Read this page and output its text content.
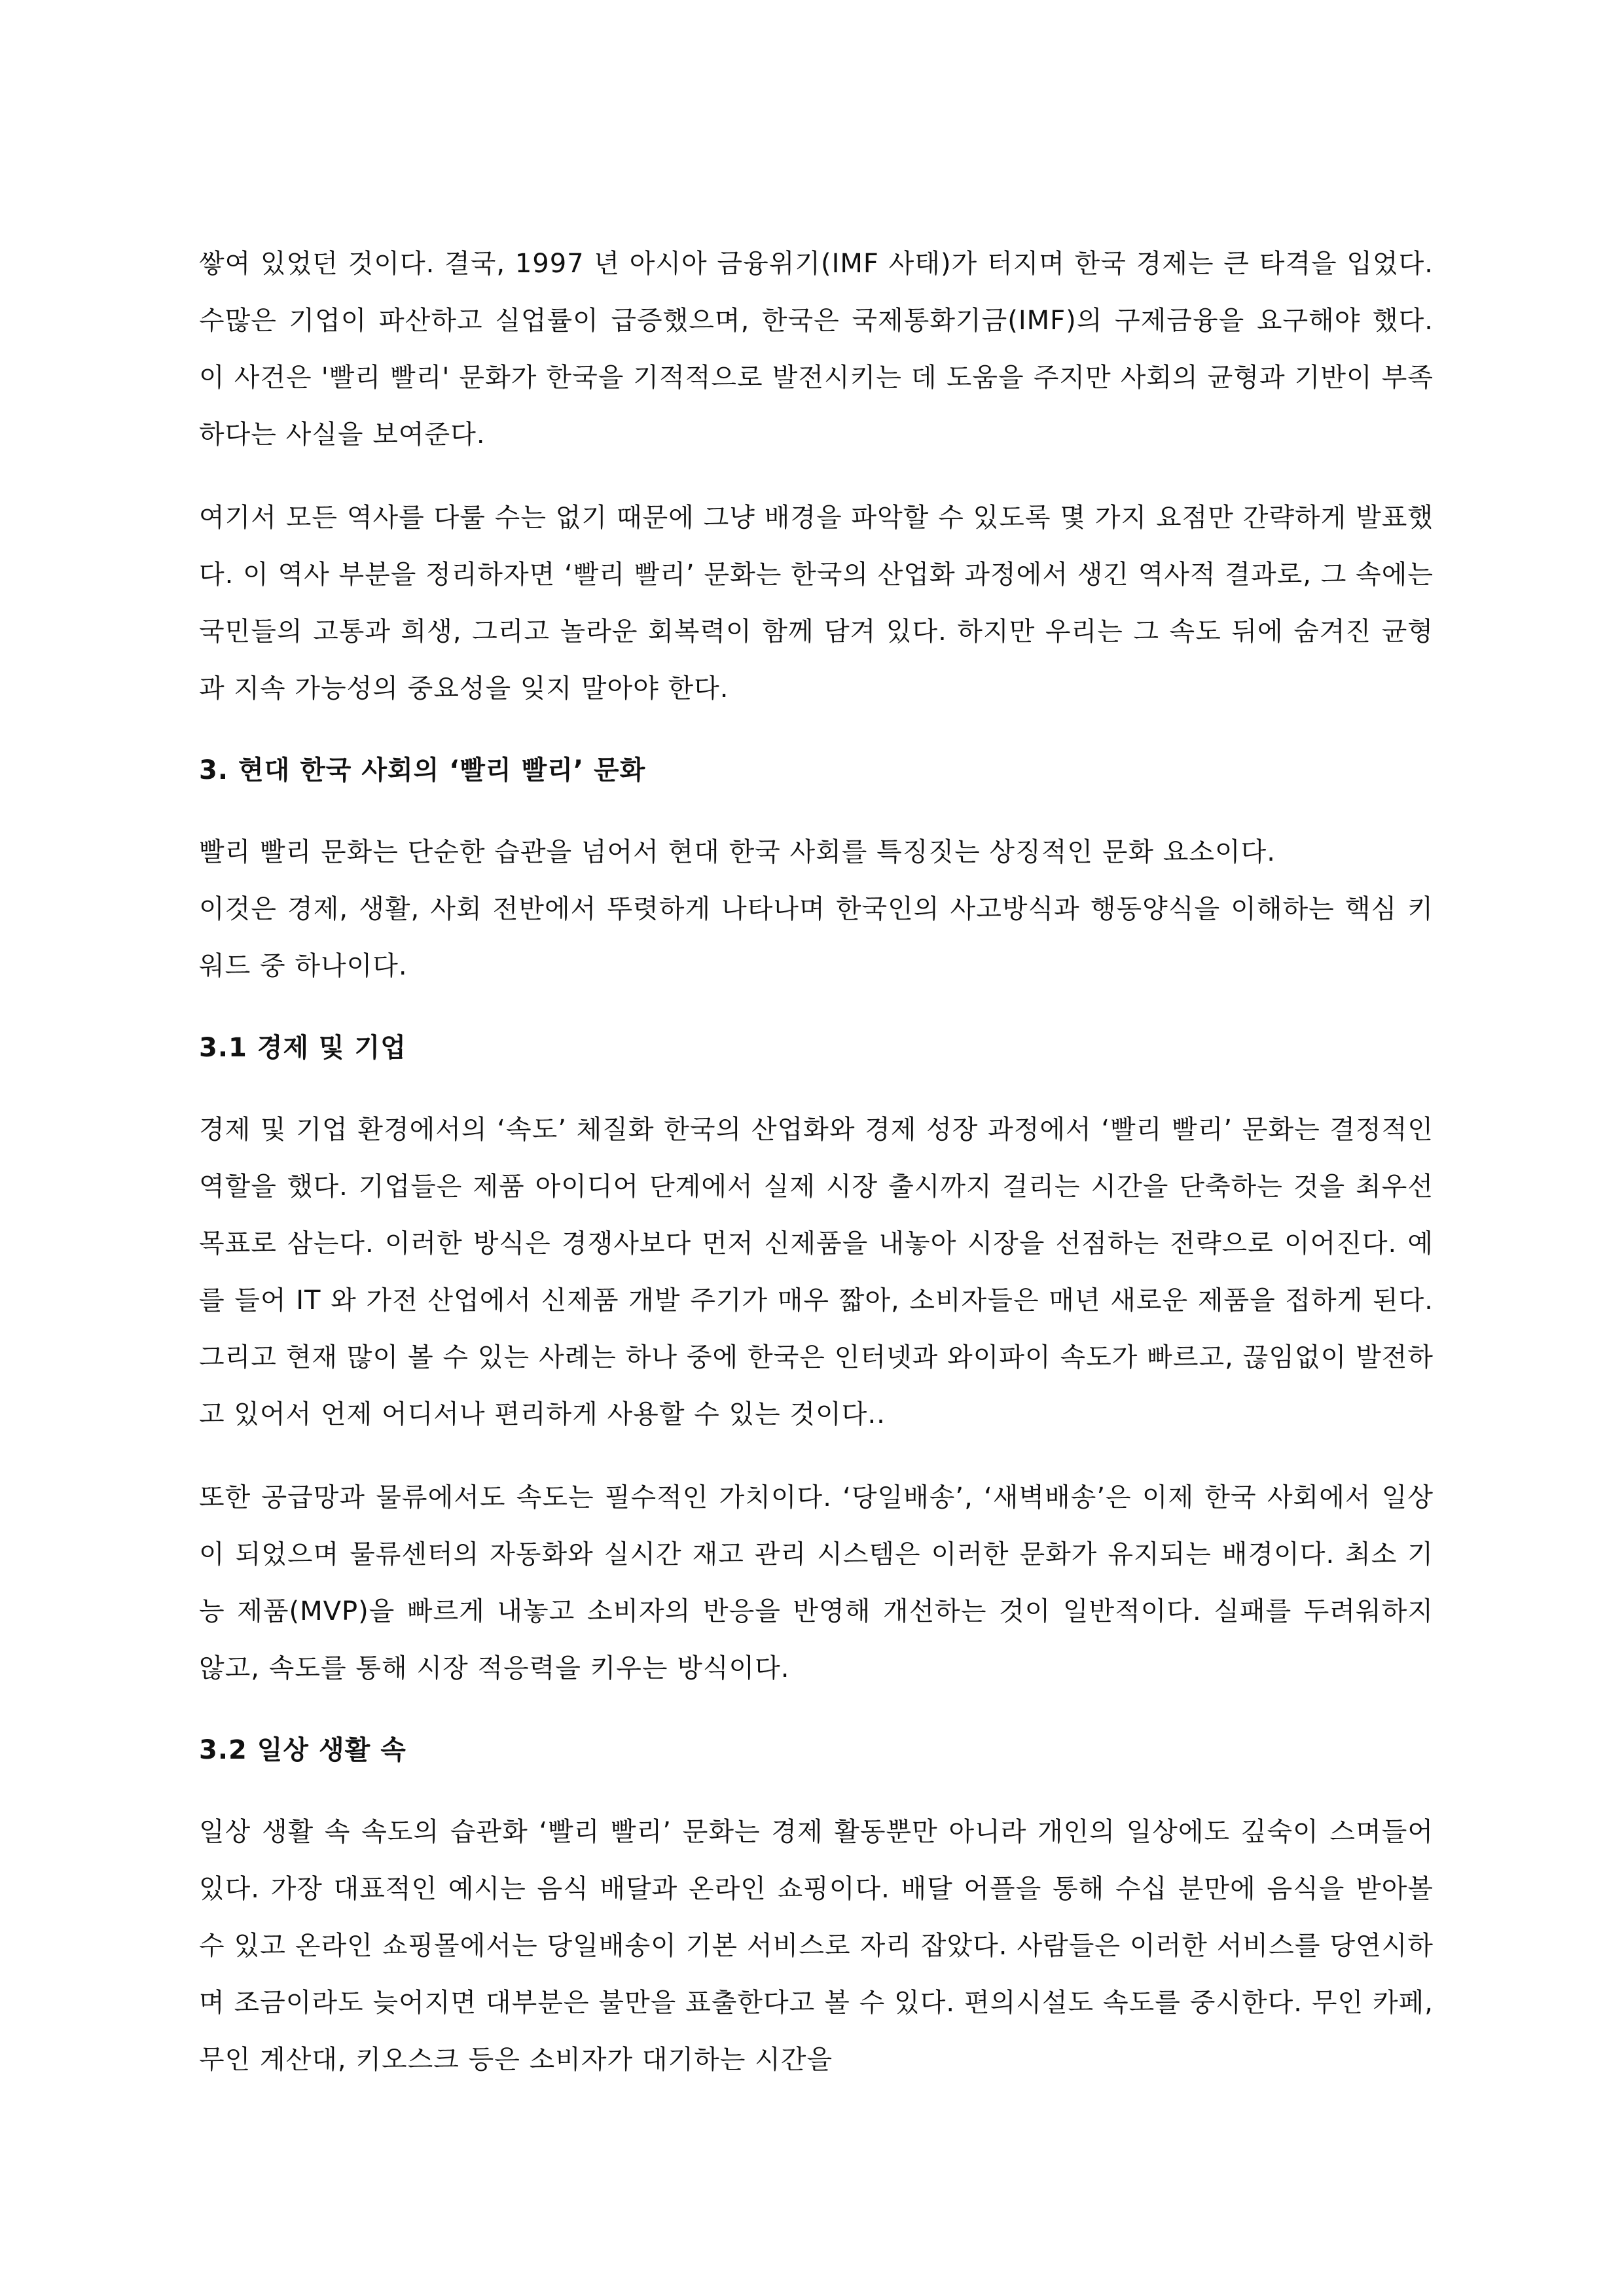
쌓여 있었던 것이다. 결국, 1997 년 아시아 금융위기(IMF 사태)가 터지며 한국 경제는 큰 타격을 입었다. 수많은 기업이 파산하고 실업률이 급증했으며, 한국은 국제통화기금(IMF)의 구제금융을 요구해야 했다. 이 사건은 '빨리 빨리' 문화가 한국을 기적적으로 발전시키는 데 도움을 주지만 사회의 균형과 기반이 부족하다는 사실을 보여준다.

여기서 모든 역사를 다룰 수는 없기 때문에 그냥 배경을 파악할 수 있도록 몇 가지 요점만 간략하게 발표했다. 이 역사 부분을 정리하자면 ‘빨리 빨리’ 문화는 한국의 산업화 과정에서 생긴 역사적 결과로, 그 속에는 국민들의 고통과 희생, 그리고 놀라운 회복력이 함께 담겨 있다. 하지만 우리는 그 속도 뒤에 숨겨진 균형과 지속 가능성의 중요성을 잊지 말아야 한다.

3. 현대 한국 사회의 ‘빨리 빨리’ 문화

빨리 빨리 문화는 단순한 습관을 넘어서 현대 한국 사회를 특징짓는 상징적인 문화 요소이다.
이것은 경제, 생활, 사회 전반에서 뚜렷하게 나타나며 한국인의 사고방식과 행동양식을 이해하는 핵심 키워드 중 하나이다.

3.1 경제 및 기업

경제 및 기업 환경에서의 ‘속도’ 체질화 한국의 산업화와 경제 성장 과정에서 ‘빨리 빨리’ 문화는 결정적인 역할을 했다. 기업들은 제품 아이디어 단계에서 실제 시장 출시까지 걸리는 시간을 단축하는 것을 최우선 목표로 삼는다. 이러한 방식은 경쟁사보다 먼저 신제품을 내놓아 시장을 선점하는 전략으로 이어진다. 예를 들어 IT 와 가전 산업에서 신제품 개발 주기가 매우 짧아, 소비자들은 매년 새로운 제품을 접하게 된다. 그리고 현재 많이 볼 수 있는 사례는 하나 중에 한국은 인터넷과 와이파이 속도가 빠르고, 끊임없이 발전하고 있어서 언제 어디서나 편리하게 사용할 수 있는 것이다..

또한 공급망과 물류에서도 속도는 필수적인 가치이다. ‘당일배송’, ‘새벽배송’은 이제 한국 사회에서 일상이 되었으며 물류센터의 자동화와 실시간 재고 관리 시스템은 이러한 문화가 유지되는 배경이다. 최소 기능 제품(MVP)을 빠르게 내놓고 소비자의 반응을 반영해 개선하는 것이 일반적이다. 실패를 두려워하지 않고, 속도를 통해 시장 적응력을 키우는 방식이다.

3.2 일상 생활 속

일상 생활 속 속도의 습관화 ‘빨리 빨리’ 문화는 경제 활동뿐만 아니라 개인의 일상에도 깊숙이 스며들어 있다. 가장 대표적인 예시는 음식 배달과 온라인 쇼핑이다. 배달 어플을 통해 수십 분만에 음식을 받아볼 수 있고 온라인 쇼핑몰에서는 당일배송이 기본 서비스로 자리 잡았다. 사람들은 이러한 서비스를 당연시하며 조금이라도 늦어지면 대부분은 불만을 표출한다고 볼 수 있다. 편의시설도 속도를 중시한다. 무인 카페, 무인 계산대, 키오스크 등은 소비자가 대기하는 시간을
